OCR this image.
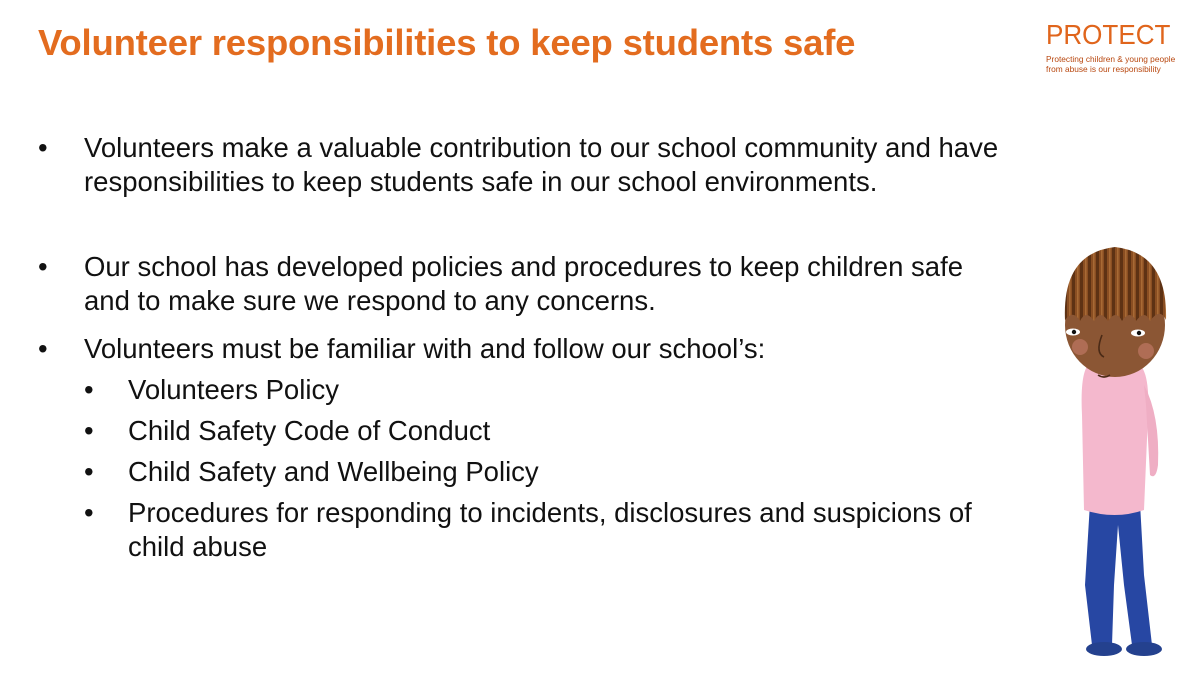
Volunteer responsibilities to keep students safe	PROTECT
Protecting children & young people
from abuse is our responsibility
• Volunteers make a valuable contribution to our school community and have responsibilities to keep students safe in our school environments.

• Our school has developed policies and procedures to keep children safe and to make sure we respond to any concerns.

• Volunteers must be familiar with and follow our school’s:

• Volunteers Policy

• Child Safety Code of Conduct

• Child Safety and Wellbeing Policy

• Procedures for responding to incidents, disclosures and suspicions of child abuse
